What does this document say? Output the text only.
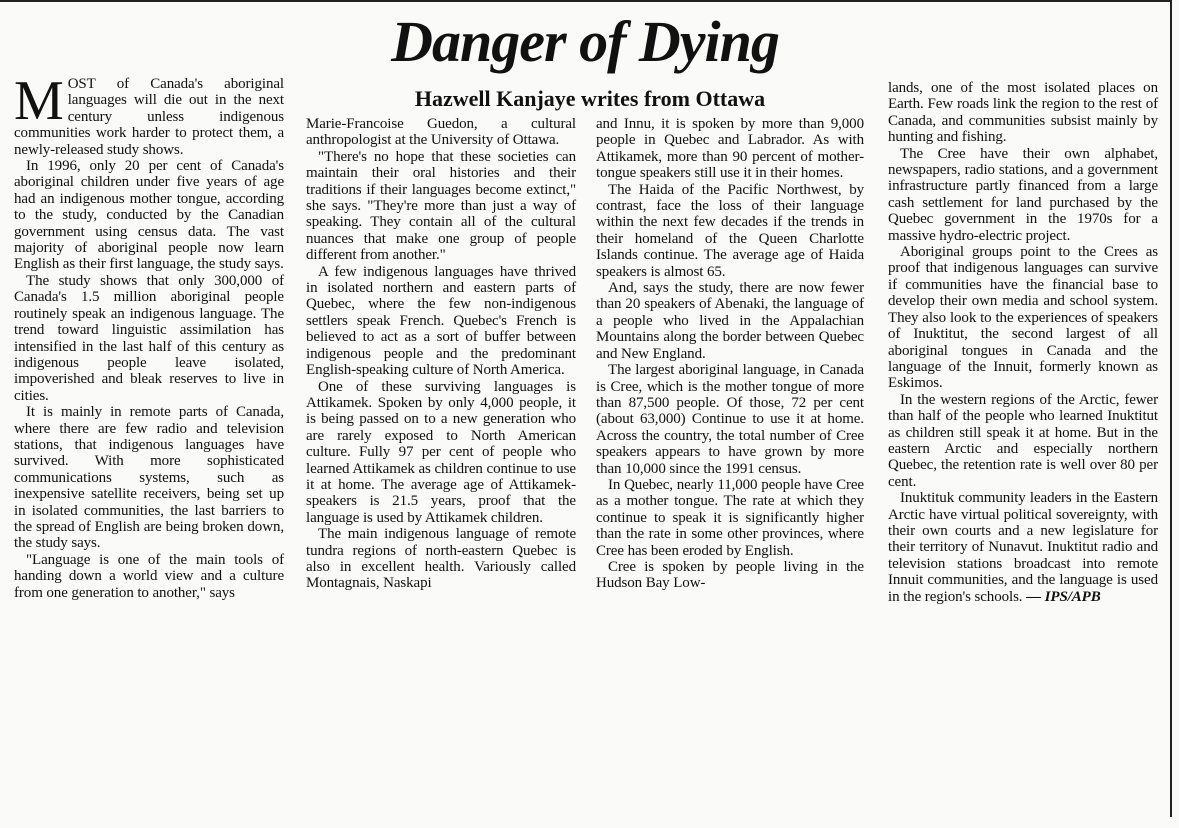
Danger of Dying
Hazwell Kanjaye writes from Ottawa

MOST of Canada's aboriginal languages will die out in the next century unless indigenous communities work harder to protect them, a newly-released study shows.

In 1996, only 20 per cent of Canada's aboriginal children under five years of age had an indigenous mother tongue, according to the study, conducted by the Canadian government using census data. The vast majority of aboriginal people now learn English as their first language, the study says.

The study shows that only 300,000 of Canada's 1.5 million aboriginal people routinely speak an indigenous language. The trend toward linguistic assimilation has intensified in the last half of this century as indigenous people leave isolated, impoverished and bleak reserves to live in cities.

It is mainly in remote parts of Canada, where there are few radio and television stations, that indigenous languages have survived. With more sophisticated communications systems, such as inexpensive satellite receivers, being set up in isolated communities, the last barriers to the spread of English are being broken down, the study says.

"Language is one of the main tools of handing down a world view and a culture from one generation to another," says

Marie-Francoise Guedon, a cultural anthropologist at the University of Ottawa.

"There's no hope that these societies can maintain their oral histories and their traditions if their languages become extinct," she says. "They're more than just a way of speaking. They contain all of the cultural nuances that make one group of people different from another."

A few indigenous languages have thrived in isolated northern and eastern parts of Quebec, where the few non-indigenous settlers speak French. Quebec's French is believed to act as a sort of buffer between indigenous people and the predominant English-speaking culture of North America.

One of these surviving languages is Attikamek. Spoken by only 4,000 people, it is being passed on to a new generation who are rarely exposed to North American culture. Fully 97 per cent of people who learned Attikamek as children continue to use it at home. The average age of Attikamek-speakers is 21.5 years, proof that the language is used by Attikamek children.

The main indigenous language of remote tundra regions of north-eastern Quebec is also in excellent health. Variously called Montagnais, Naskapi

and Innu, it is spoken by more than 9,000 people in Quebec and Labrador. As with Attikamek, more than 90 percent of mother-tongue speakers still use it in their homes.

The Haida of the Pacific Northwest, by contrast, face the loss of their language within the next few decades if the trends in their homeland of the Queen Charlotte Islands continue. The average age of Haida speakers is almost 65.

And, says the study, there are now fewer than 20 speakers of Abenaki, the language of a people who lived in the Appalachian Mountains along the border between Quebec and New England.

The largest aboriginal language, in Canada is Cree, which is the mother tongue of more than 87,500 people. Of those, 72 per cent (about 63,000) Continue to use it at home. Across the country, the total number of Cree speakers appears to have grown by more than 10,000 since the 1991 census.

In Quebec, nearly 11,000 people have Cree as a mother tongue. The rate at which they continue to speak it is significantly higher than the rate in some other provinces, where Cree has been eroded by English.

Cree is spoken by people living in the Hudson Bay Low-

lands, one of the most isolated places on Earth. Few roads link the region to the rest of Canada, and communities subsist mainly by hunting and fishing.

The Cree have their own alphabet, newspapers, radio stations, and a government infrastructure partly financed from a large cash settlement for land purchased by the Quebec government in the 1970s for a massive hydro-electric project.

Aboriginal groups point to the Crees as proof that indigenous languages can survive if communities have the financial base to develop their own media and school system. They also look to the experiences of speakers of Inuktitut, the second largest of all aboriginal tongues in Canada and the language of the Innuit, formerly known as Eskimos.

In the western regions of the Arctic, fewer than half of the people who learned Inuktitut as children still speak it at home. But in the eastern Arctic and especially northern Quebec, the retention rate is well over 80 per cent.

Inuktituk community leaders in the Eastern Arctic have virtual political sovereignty, with their own courts and a new legislature for their territory of Nunavut. Inuktitut radio and television stations broadcast into remote Innuit communities, and the language is used in the region's schools. — IPS/APB
